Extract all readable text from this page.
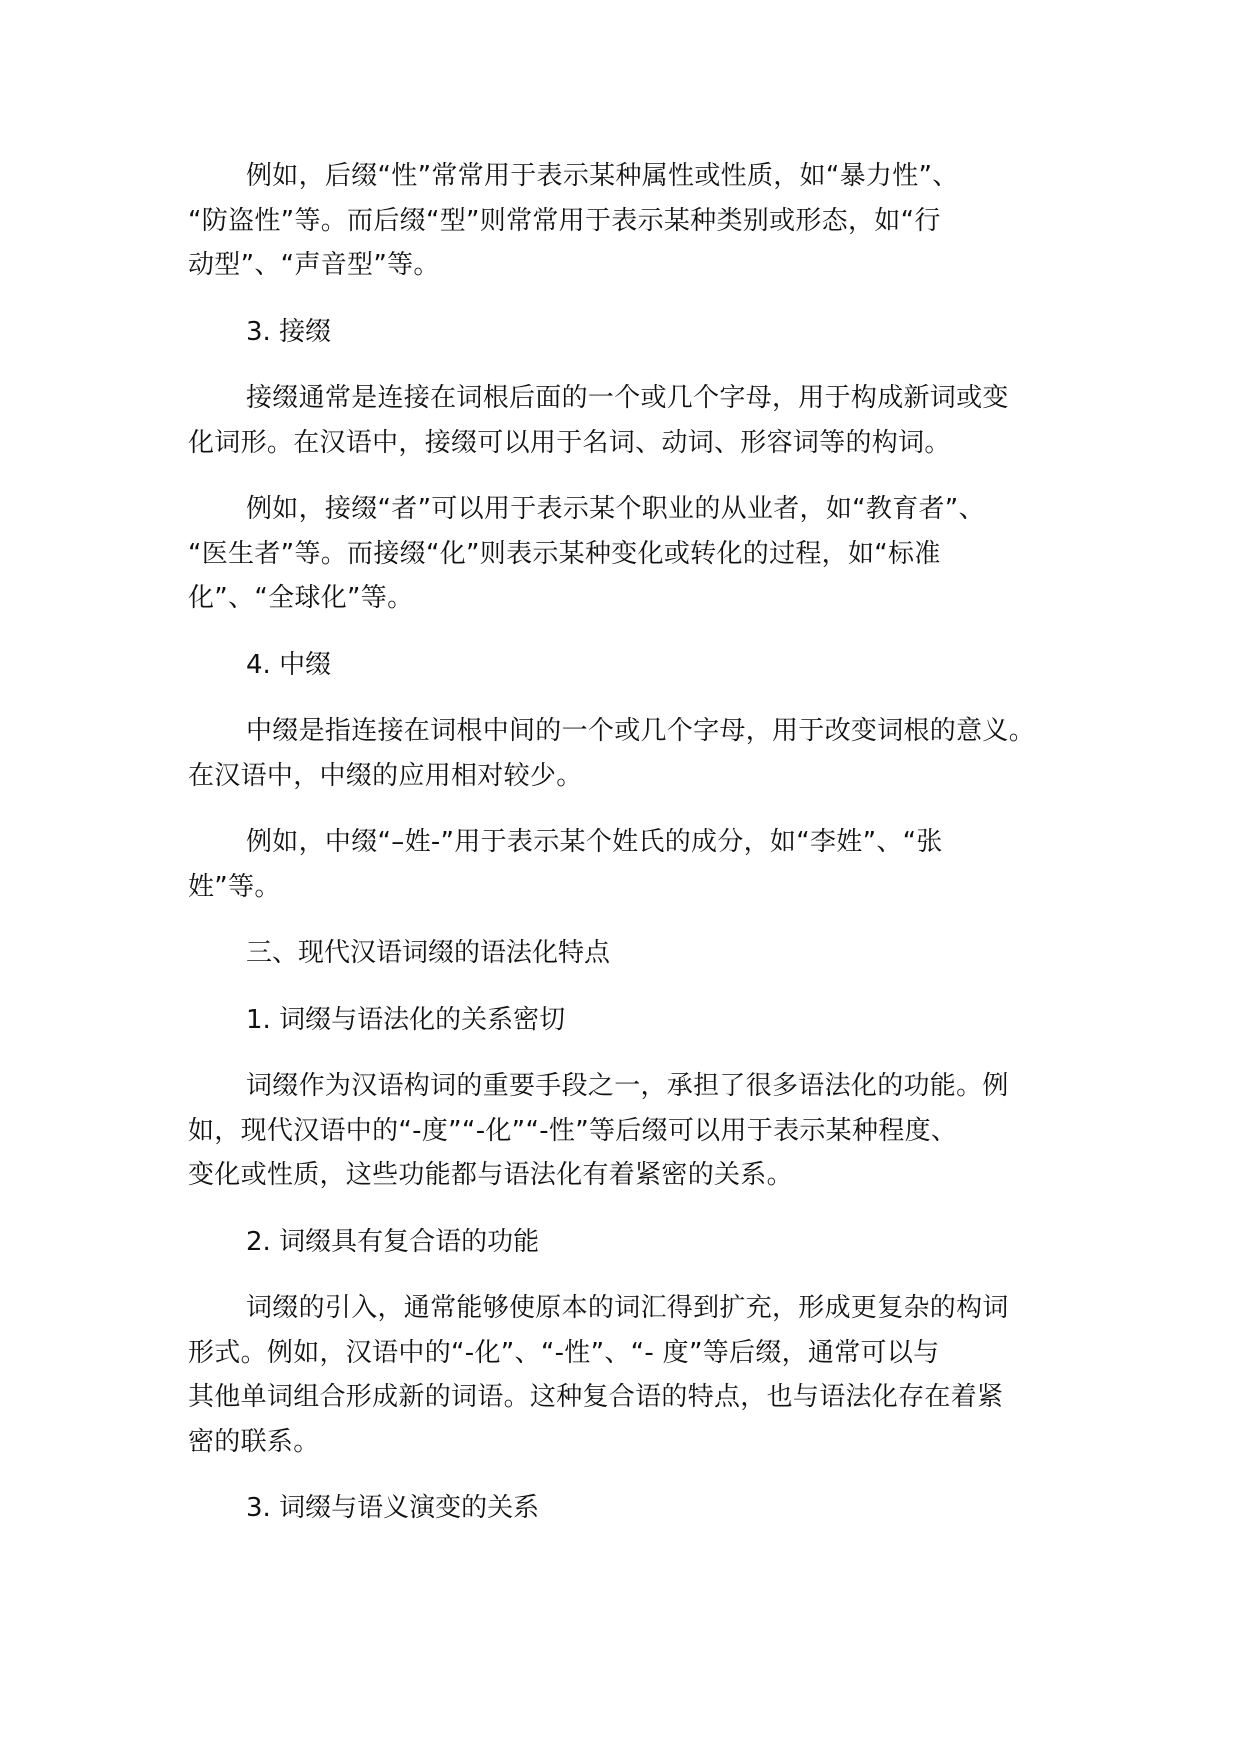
例如，后缀“性”常常用于表示某种属性或性质，如“暴力性”、
“防盗性”等。而后缀“型”则常常用于表示某种类别或形态，如“行
动型”、“声音型”等。

3. 接缀

接缀通常是连接在词根后面的一个或几个字母，用于构成新词或变
化词形。在汉语中，接缀可以用于名词、动词、形容词等的构词。

例如，接缀“者”可以用于表示某个职业的从业者，如“教育者”、
“医生者”等。而接缀“化”则表示某种变化或转化的过程，如“标准
化”、“全球化”等。

4. 中缀

中缀是指连接在词根中间的一个或几个字母，用于改变词根的意义。
在汉语中，中缀的应用相对较少。

例如，中缀“–姓-”用于表示某个姓氏的成分，如“李姓”、“张
姓”等。

三、现代汉语词缀的语法化特点

1. 词缀与语法化的关系密切

词缀作为汉语构词的重要手段之一，承担了很多语法化的功能。例
如，现代汉语中的“-度”“-化”“-性”等后缀可以用于表示某种程度、
变化或性质，这些功能都与语法化有着紧密的关系。

2. 词缀具有复合语的功能

词缀的引入，通常能够使原本的词汇得到扩充，形成更复杂的构词
形式。例如，汉语中的“-化”、“-性”、“- 度”等后缀，通常可以与
其他单词组合形成新的词语。这种复合语的特点，也与语法化存在着紧
密的联系。

3. 词缀与语义演变的关系
